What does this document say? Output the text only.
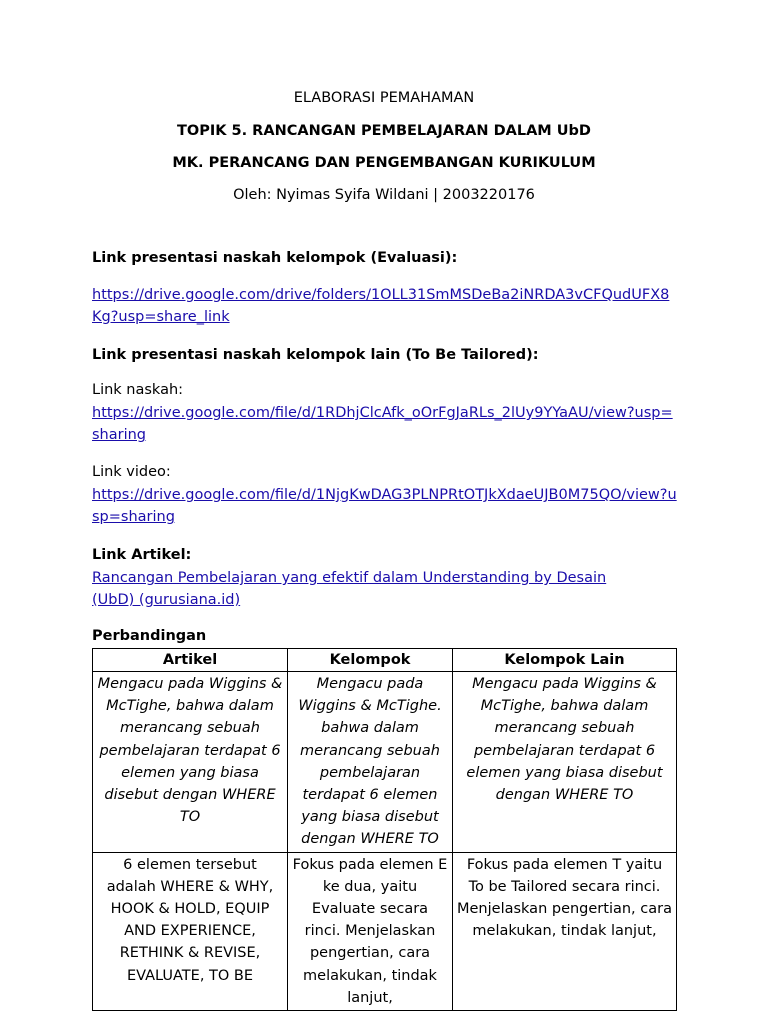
ELABORASI PEMAHAMAN
TOPIK 5. RANCANGAN PEMBELAJARAN DALAM UbD
MK. PERANCANG DAN PENGEMBANGAN KURIKULUM
Oleh: Nyimas Syifa Wildani | 2003220176
Link presentasi naskah kelompok (Evaluasi):
https://drive.google.com/drive/folders/1OLL31SmMSDeBa2iNRDA3vCFQudUFX8Kg?usp=share_link
Link presentasi naskah kelompok lain (To Be Tailored):
Link naskah:
https://drive.google.com/file/d/1RDhjClcAfk_oOrFgJaRLs_2lUy9YYaAU/view?usp=sharing
Link video:
https://drive.google.com/file/d/1NjgKwDAG3PLNPRtOTJkXdaeUJB0M75QO/view?usp=sharing
Link Artikel:
Rancangan Pembelajaran yang efektif dalam Understanding by Desain (UbD) (gurusiana.id)
Perbandingan
Artikel	Kelompok	Kelompok Lain
Mengacu pada Wiggins & McTighe, bahwa dalam merancang sebuah pembelajaran terdapat 6 elemen yang biasa disebut dengan WHERE TO	Mengacu pada Wiggins & McTighe. bahwa dalam merancang sebuah pembelajaran terdapat 6 elemen yang biasa disebut dengan WHERE TO	Mengacu pada Wiggins & McTighe, bahwa dalam merancang sebuah pembelajaran terdapat 6 elemen yang biasa disebut dengan WHERE TO
6 elemen tersebut adalah WHERE & WHY, HOOK & HOLD, EQUIP AND EXPERIENCE, RETHINK & REVISE, EVALUATE, TO BE	Fokus pada elemen E ke dua, yaitu Evaluate secara rinci. Menjelaskan pengertian, cara melakukan, tindak lanjut,	Fokus pada elemen T yaitu To be Tailored secara rinci. Menjelaskan pengertian, cara melakukan, tindak lanjut,
